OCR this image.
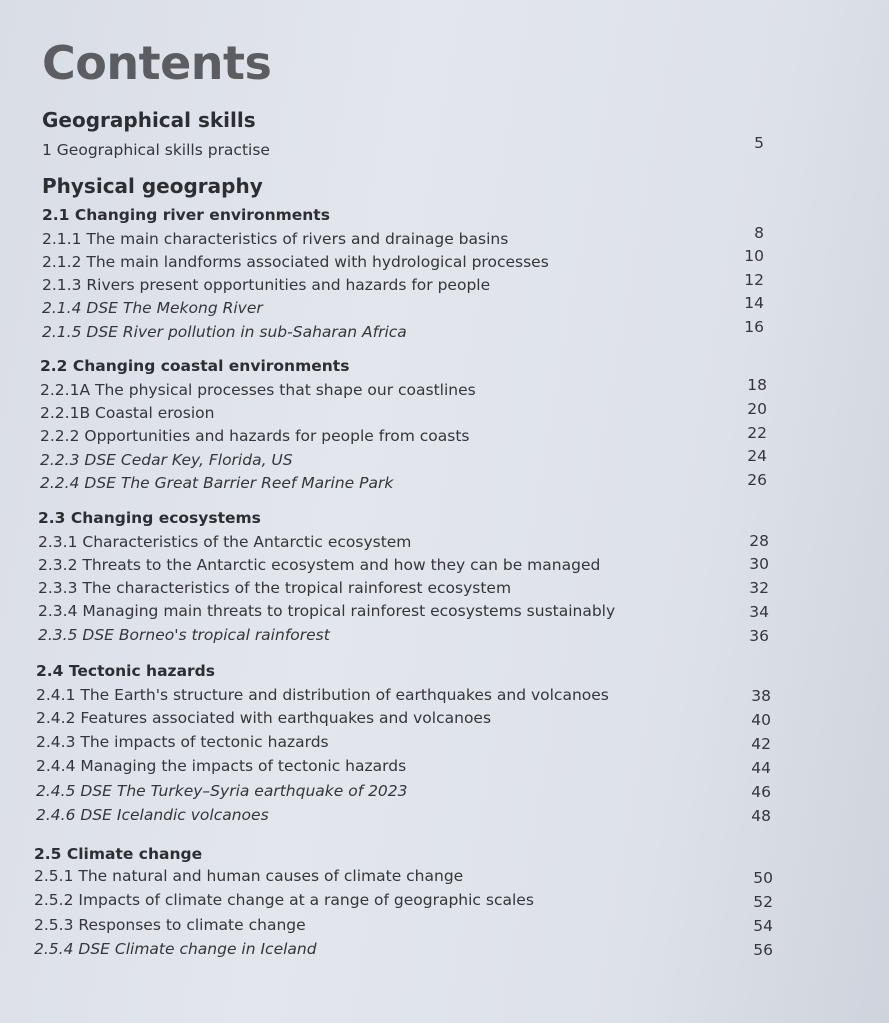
Contents
Geographical skills
1 Geographical skills practise	5
Physical geography
2.1 Changing river environments
2.1.1 The main characteristics of rivers and drainage basins
2.1.2 The main landforms associated with hydrological processes
2.1.3 Rivers present opportunities and hazards for people
2.1.4 DSE The Mekong River
2.1.5 DSE River pollution in sub-Saharan Africa
8
10
12
14
16
2.2 Changing coastal environments
2.2.1A The physical processes that shape our coastlines
2.2.1B Coastal erosion
2.2.2 Opportunities and hazards for people from coasts
2.2.3 DSE Cedar Key, Florida, US
2.2.4 DSE The Great Barrier Reef Marine Park
18
20
22
24
26
2.3 Changing ecosystems
2.3.1 Characteristics of the Antarctic ecosystem
2.3.2 Threats to the Antarctic ecosystem and how they can be managed
2.3.3 The characteristics of the tropical rainforest ecosystem
2.3.4 Managing main threats to tropical rainforest ecosystems sustainably
2.3.5 DSE Borneo's tropical rainforest
28
30
32
34
36
2.4 Tectonic hazards
2.4.1 The Earth's structure and distribution of earthquakes and volcanoes
2.4.2 Features associated with earthquakes and volcanoes
2.4.3 The impacts of tectonic hazards
2.4.4 Managing the impacts of tectonic hazards
2.4.5 DSE The Turkey–Syria earthquake of 2023
2.4.6 DSE Icelandic volcanoes
38
40
42
44
46
48
2.5 Climate change
2.5.1 The natural and human causes of climate change
2.5.2 Impacts of climate change at a range of geographic scales
2.5.3 Responses to climate change
2.5.4 DSE Climate change in Iceland
50
52
54
56
